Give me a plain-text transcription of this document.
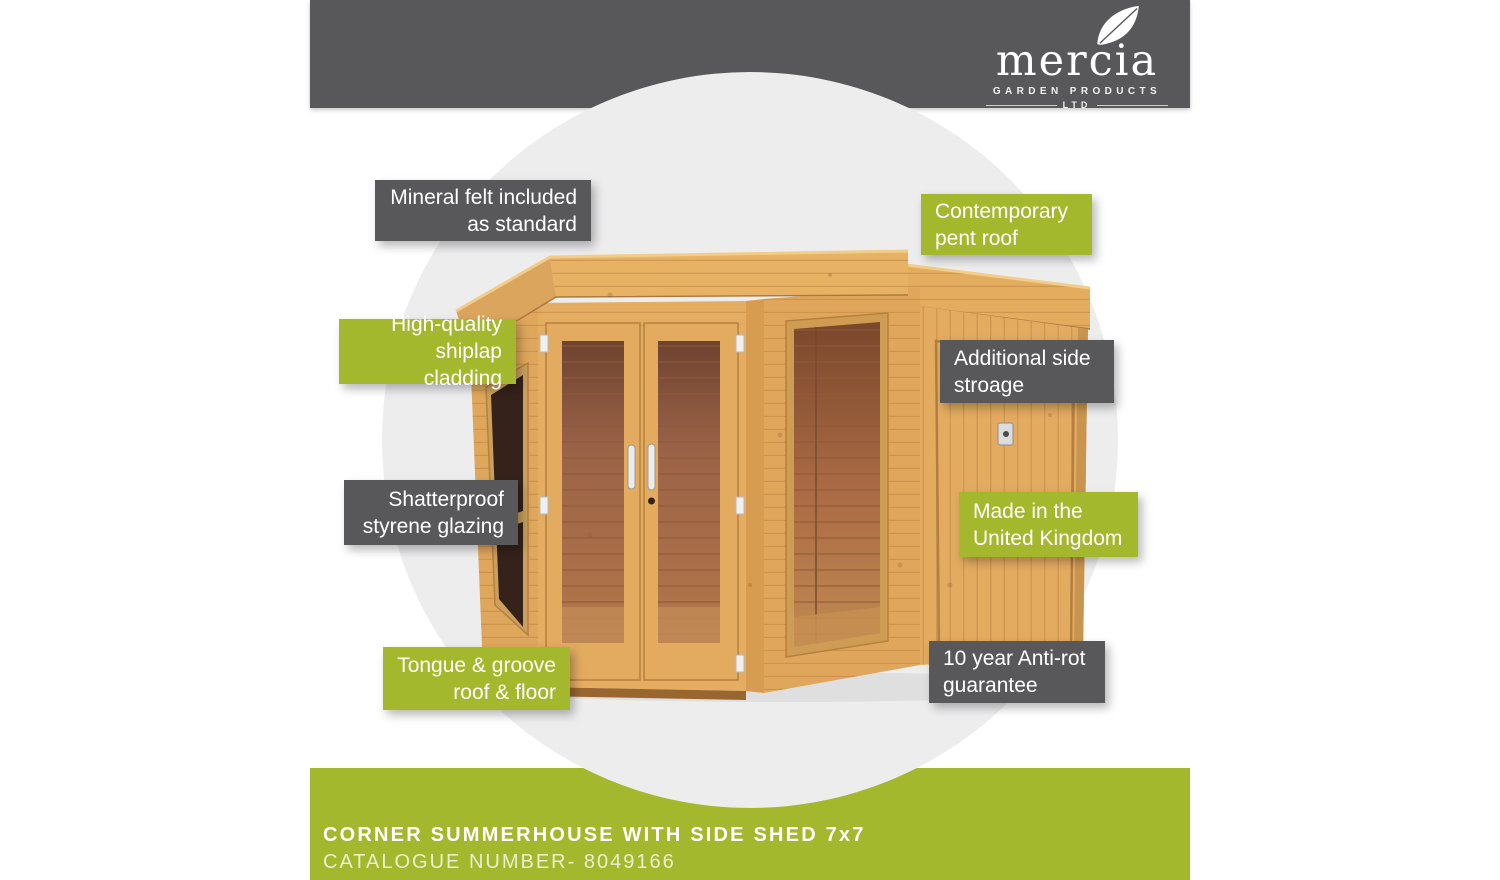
mercia
GARDEN PRODUCTS
LTD
CORNER SUMMERHOUSE WITH SIDE SHED 7x7
CATALOGUE NUMBER- 8049166
Mineral felt included
as standard
Contemporary
pent roof
High-quality
shiplap cladding
Additional side
stroage
Shatterproof
styrene glazing
Made in the
United Kingdom
Tongue & groove
roof & floor
10 year Anti-rot
guarantee
